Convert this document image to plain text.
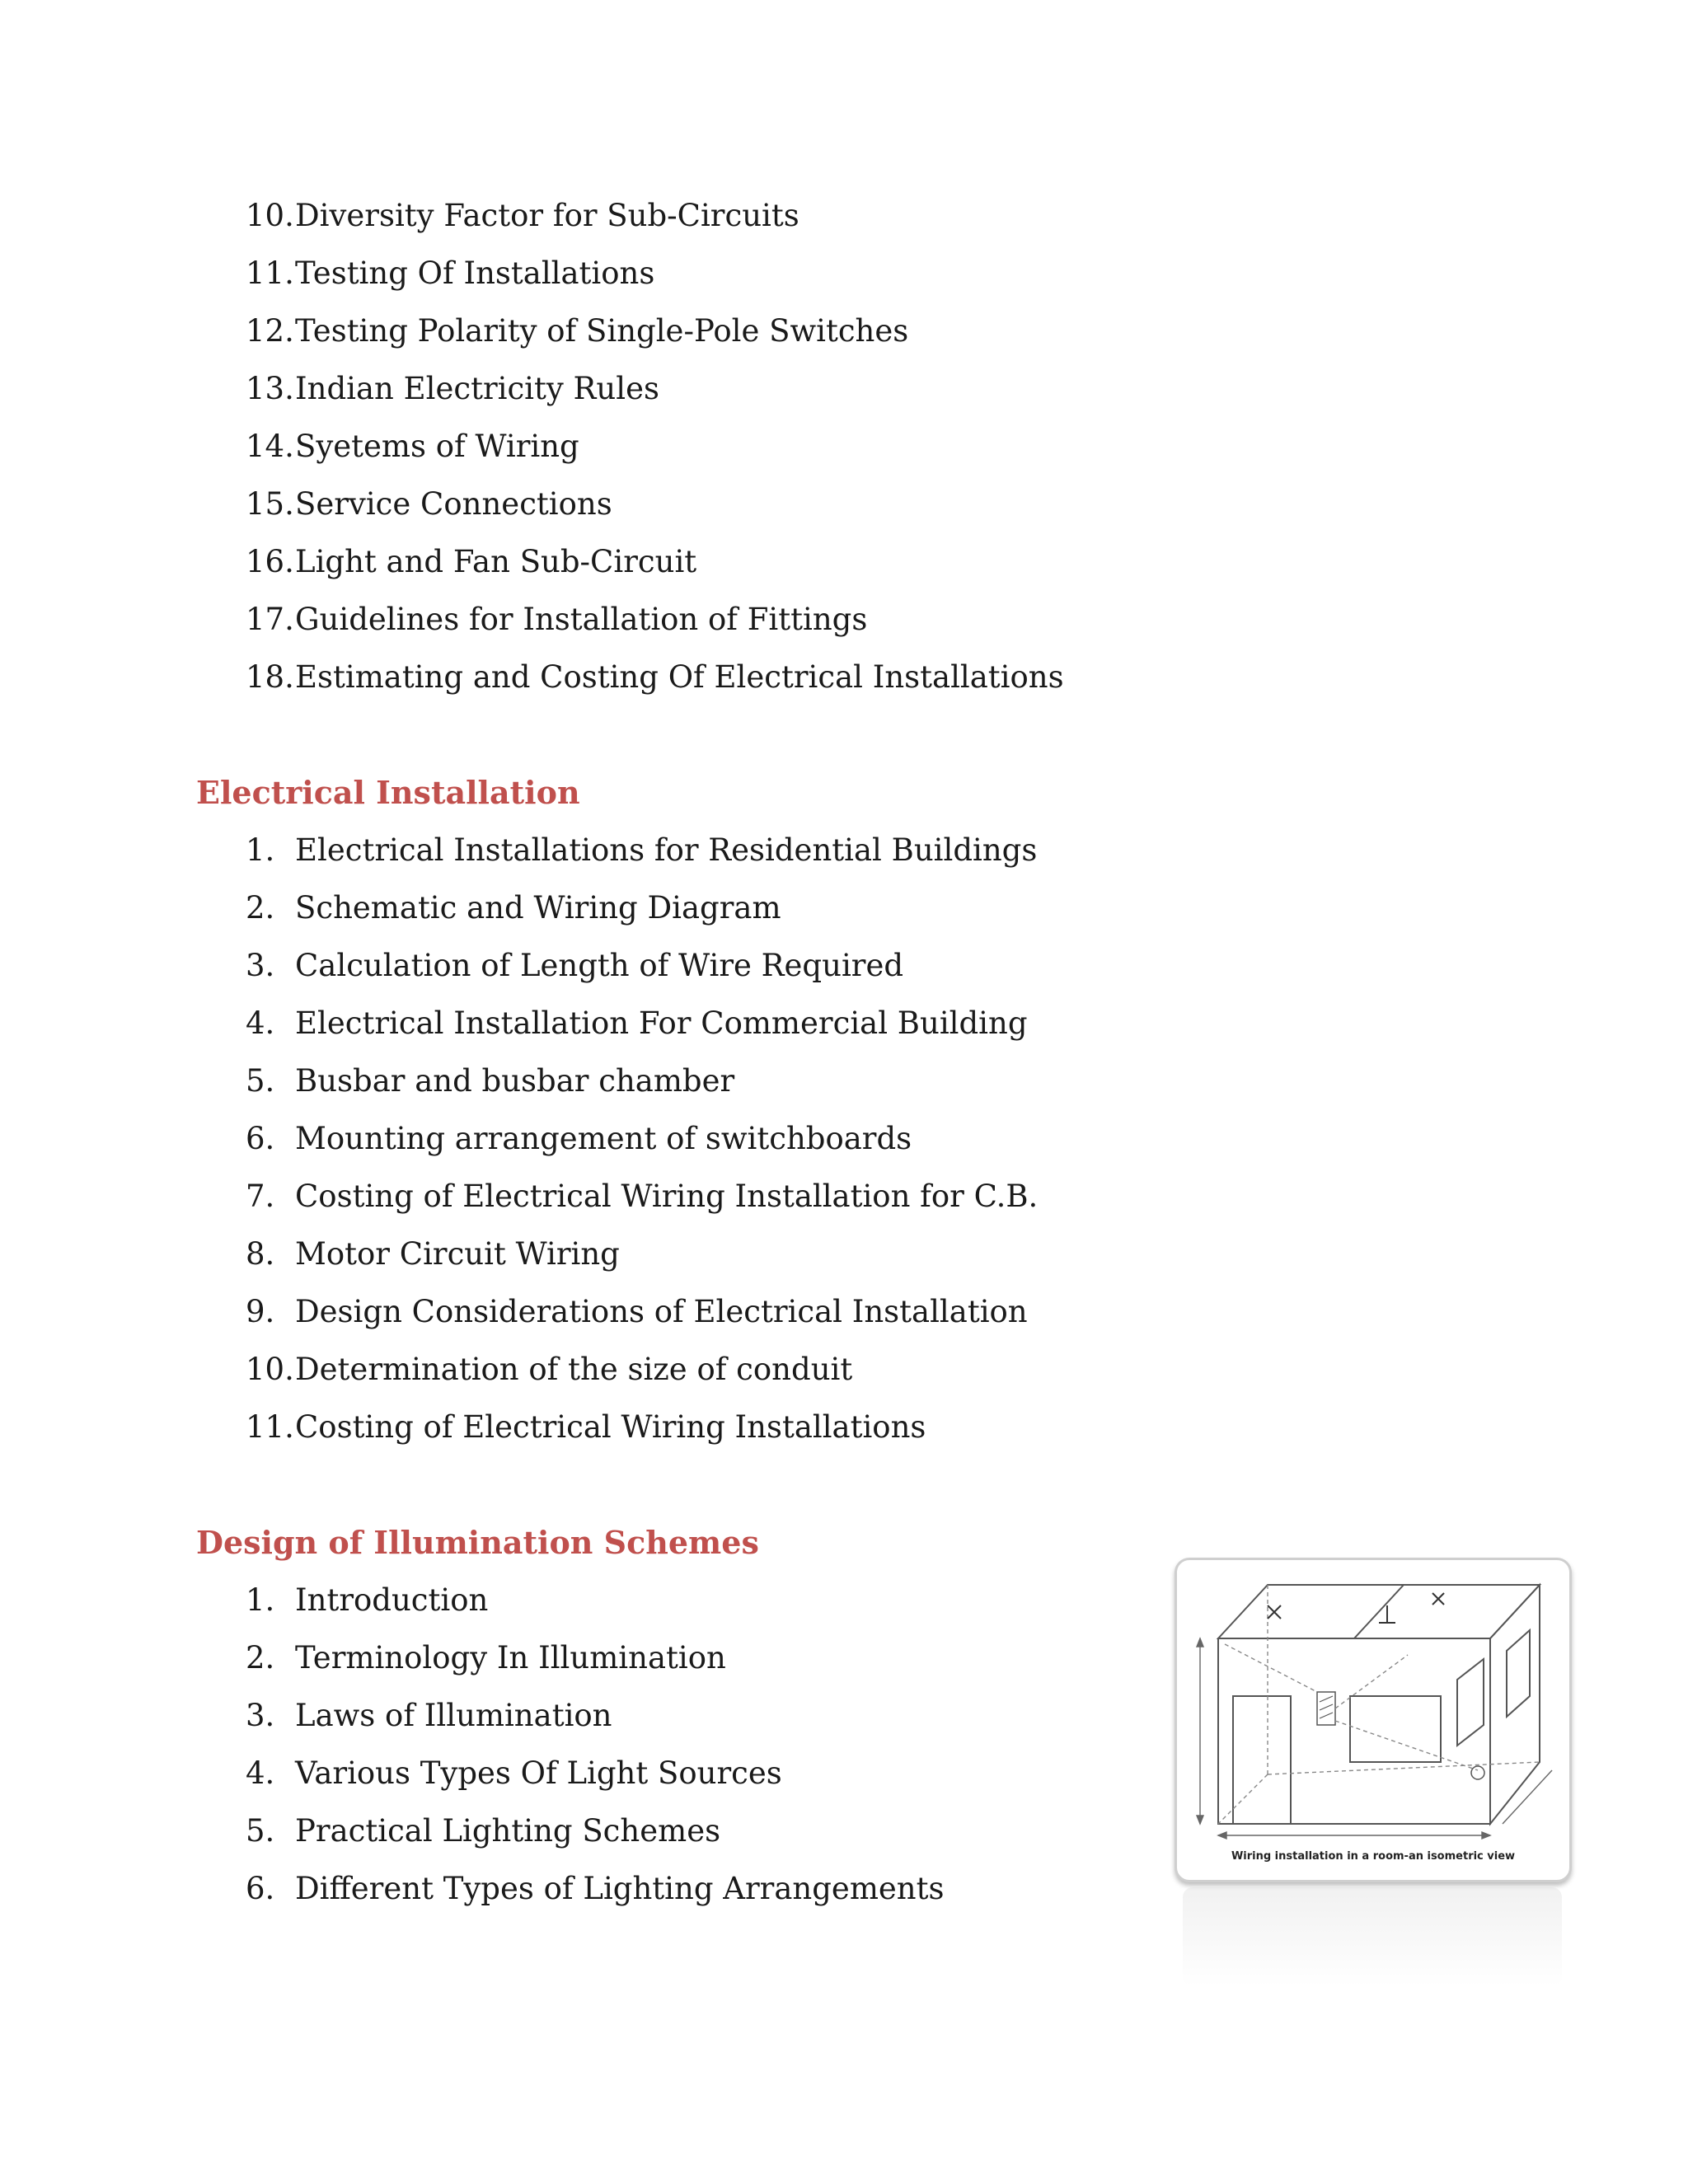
10. Diversity Factor for Sub-Circuits
11. Testing Of Installations
12. Testing Polarity of Single-Pole Switches
13. Indian Electricity Rules
14. Syetems of Wiring
15. Service Connections
16. Light and Fan Sub-Circuit
17. Guidelines for Installation of Fittings
18. Estimating and Costing Of Electrical Installations
Electrical Installation
1. Electrical Installations for Residential Buildings
2. Schematic and Wiring Diagram
3. Calculation of Length of Wire Required
4. Electrical Installation For Commercial Building
5. Busbar and busbar chamber
6. Mounting arrangement of switchboards
7. Costing of Electrical Wiring Installation for C.B.
8. Motor Circuit Wiring
9. Design Considerations of Electrical Installation
10. Determination of the size of conduit
11. Costing of Electrical Wiring Installations
Design of Illumination Schemes
1. Introduction
2. Terminology In Illumination
3. Laws of Illumination
4. Various Types Of Light Sources
5. Practical Lighting Schemes
6. Different Types of Lighting Arrangements
Wiring installation in a room-an isometric view
